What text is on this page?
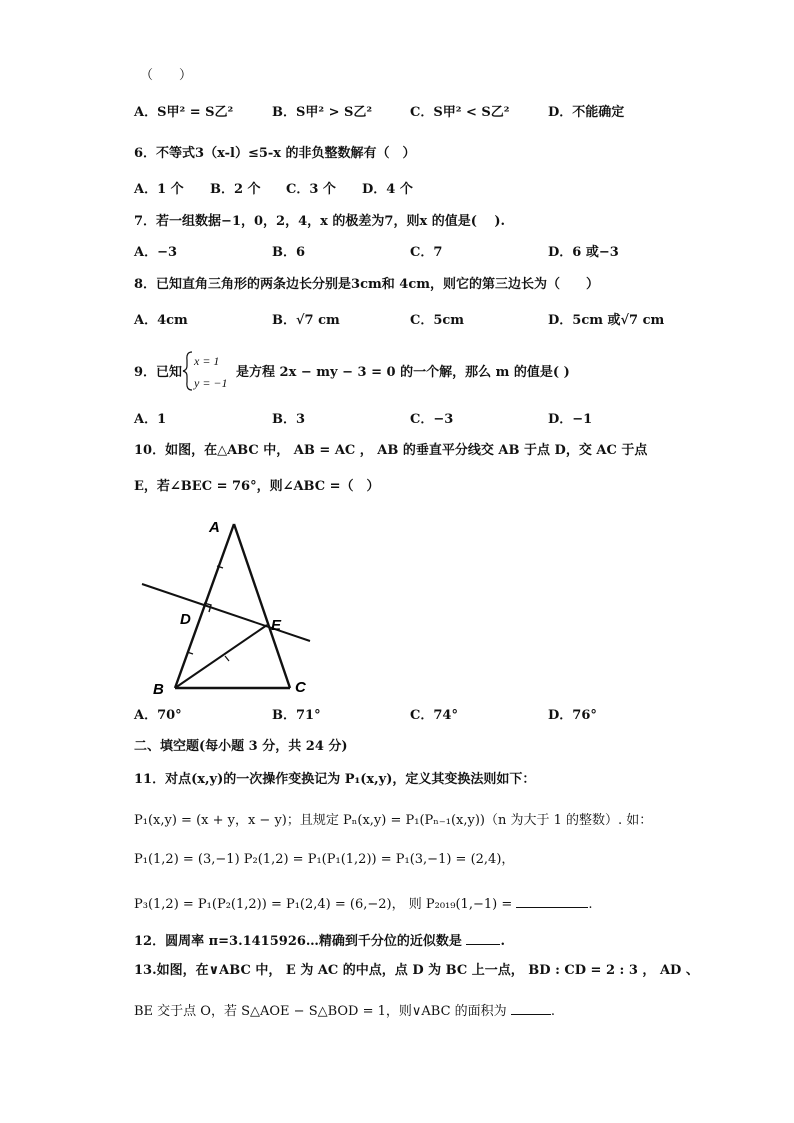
（　　）
A．S甲² = S乙²	B．S甲² > S乙²	C．S甲² < S乙²	D．不能确定
6．不等式3（x-l）≤5-x 的非负整数解有（　）
A．1 个 B．2 个 C．3 个 D．4 个
7．若一组数据−1，0，2，4，x 的极差为7，则x 的值是(　 ).
A．−3	B．6	C．7	D．6 或−3
8．已知直角三角形的两条边长分别是3cm和 4cm，则它的第三边长为（　　）
A．4cm	B．√7 cm	C．5cm	D．5cm 或√7 cm
9．已知
x = 1
y = −1
是方程 2x − my − 3 = 0 的一个解，那么 m 的值是( )
A．1	B．3	C．−3	D．−1
10．如图，在△ABC 中， AB = AC ， AB 的垂直平分线交 AB 于点 D，交 AC 于点
E，若∠BEC = 76°，则∠ABC =（　）
A
D	E
B	C
A．70°	B．71°	C．74°	D．76°
二、填空题(每小题 3 分，共 24 分)
11．对点(x,y)的一次操作变换记为 P₁(x,y)，定义其变换法则如下：
P₁(x,y) = (x + y，x − y)；且规定 Pₙ(x,y) = P₁(Pₙ₋₁(x,y))（n 为大于 1 的整数）. 如：
P₁(1,2) = (3,−1) P₂(1,2) = P₁(P₁(1,2)) = P₁(3,−1) = (2,4)，
P₃(1,2) = P₁(P₂(1,2)) = P₁(2,4) = (6,−2)， 则 P₂₀₁₉(1,−1) =	.
12．圆周率 π=3.1415926…精确到千分位的近似数是	.
13.如图，在∨ABC 中， E 为 AC 的中点，点 D 为 BC 上一点， BD : CD = 2 : 3 ， AD 、
BE 交于点 O，若 S△AOE − S△BOD = 1，则∨ABC 的面积为	.
